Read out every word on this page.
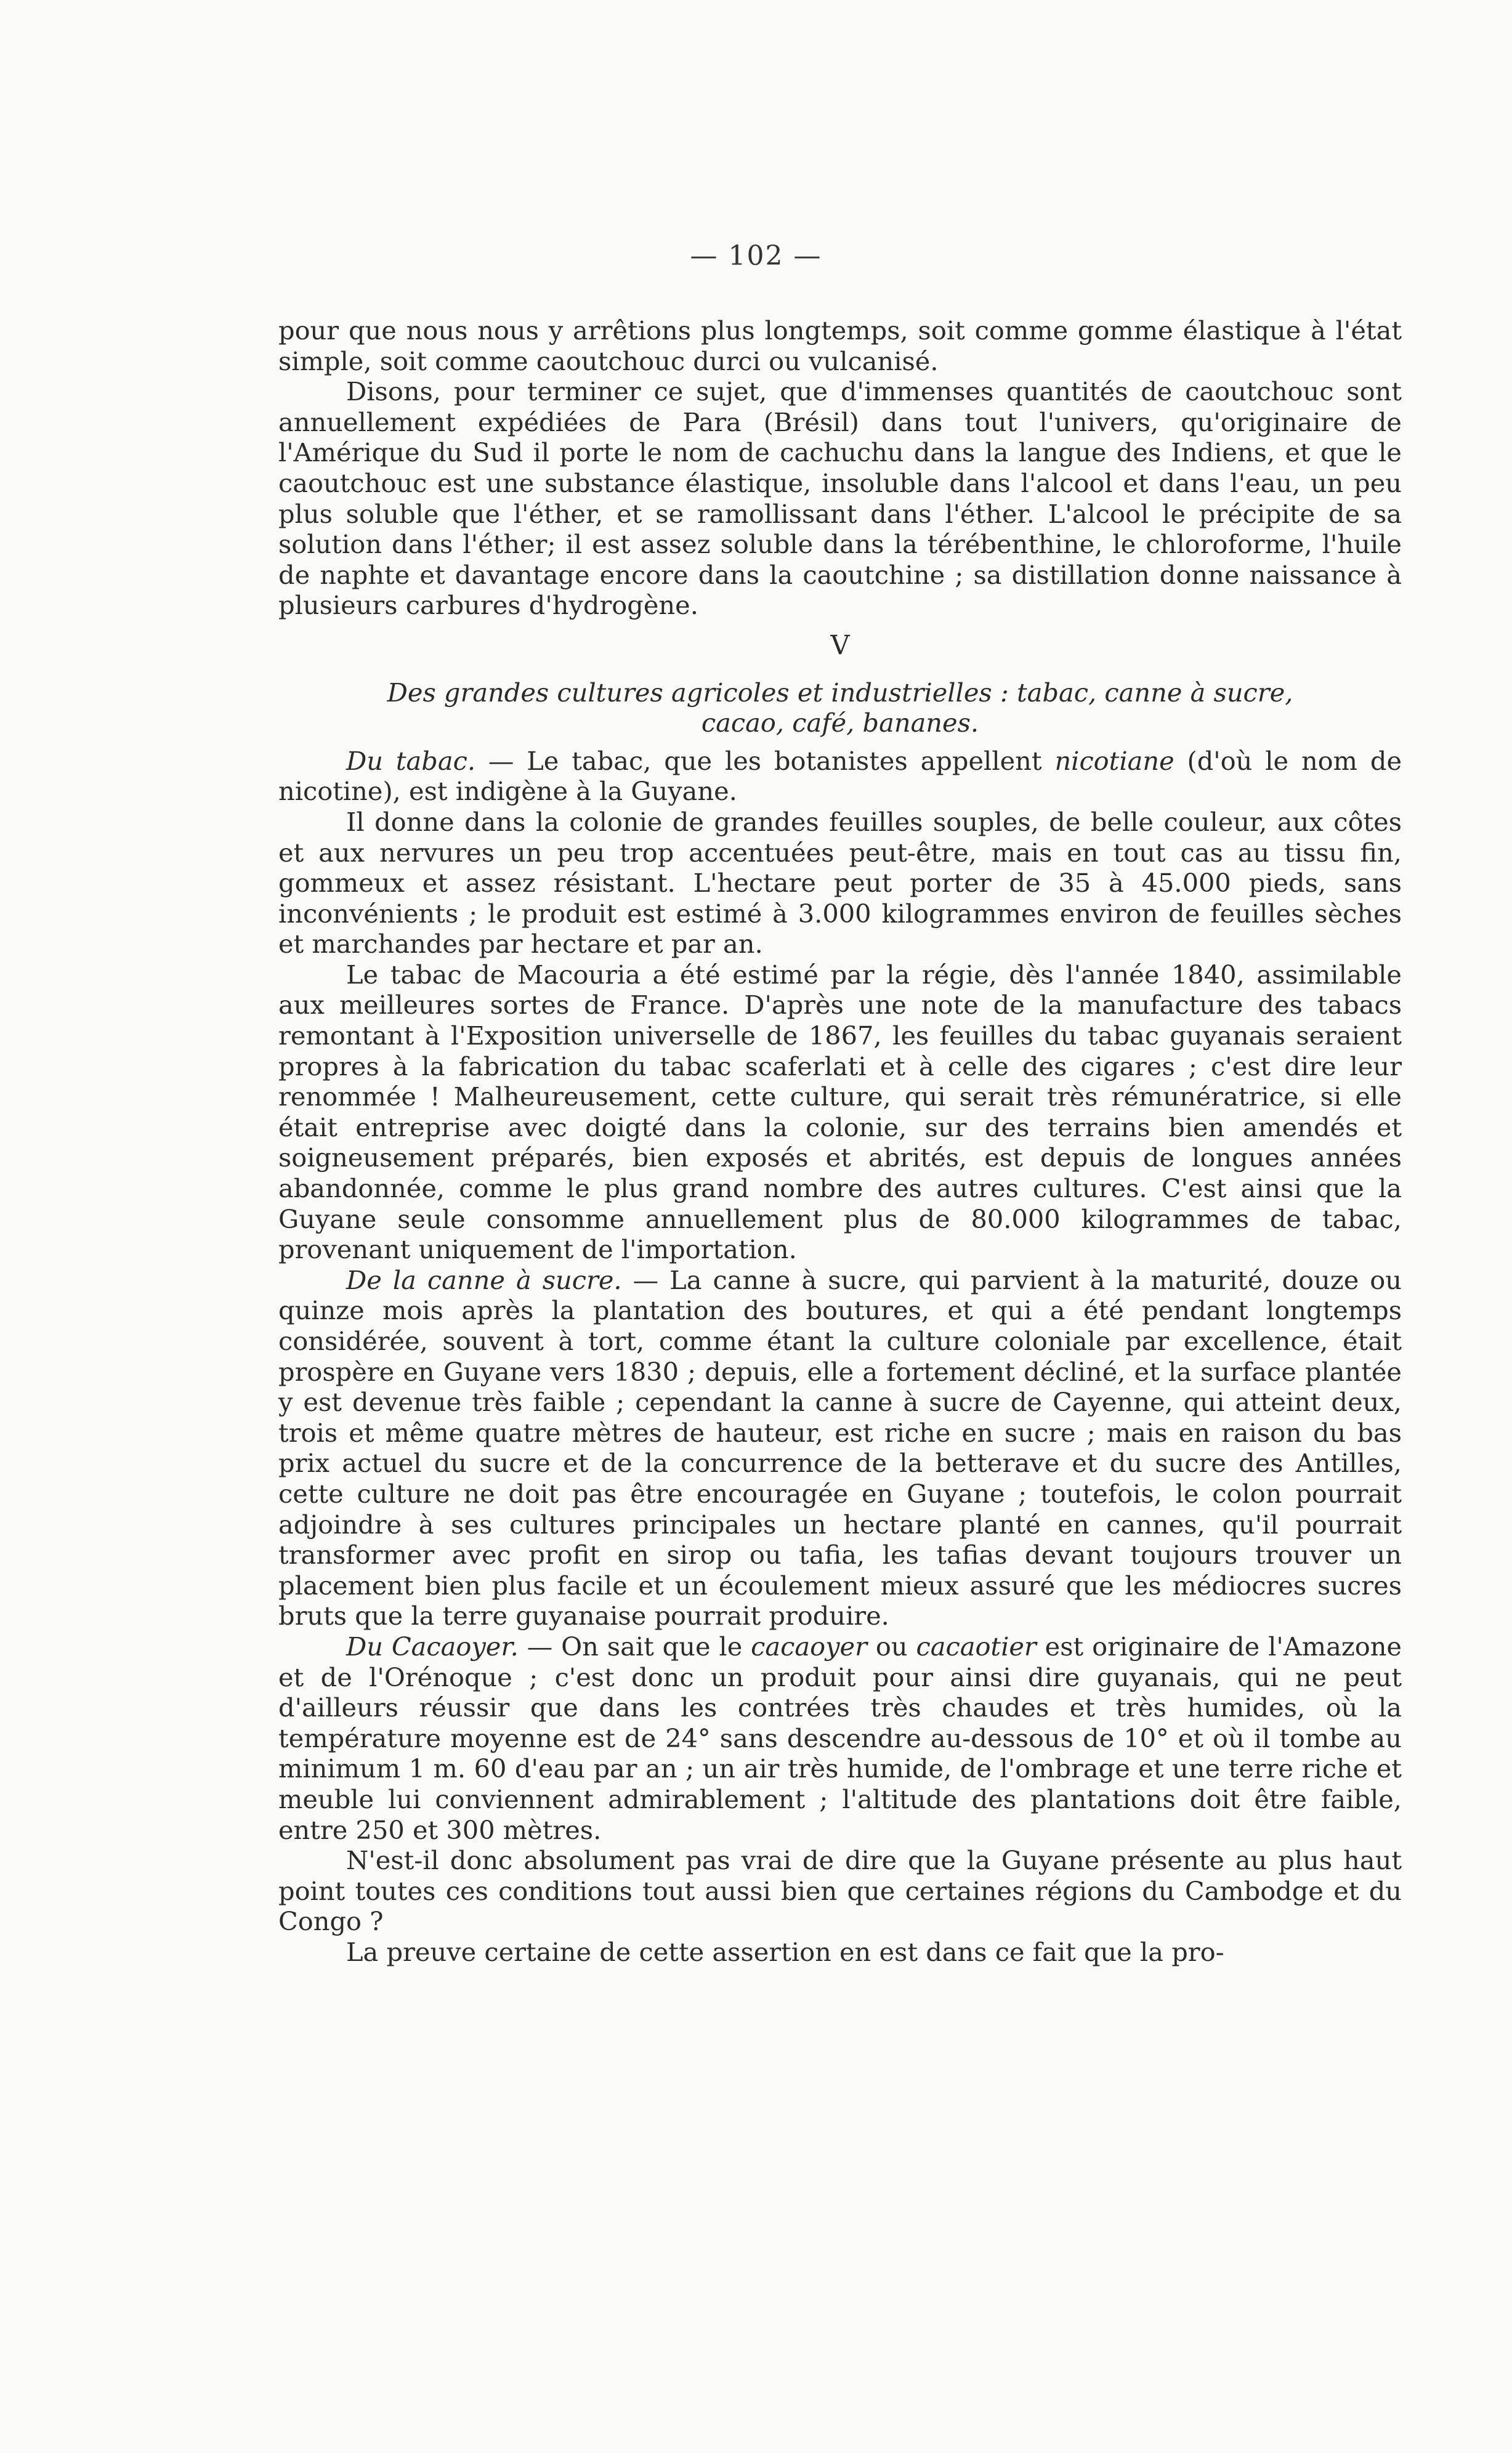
— 102 —

pour que nous nous y arrêtions plus longtemps, soit comme gomme élastique à l'état simple, soit comme caoutchouc durci ou vulcanisé.

Disons, pour terminer ce sujet, que d'immenses quantités de caoutchouc sont annuellement expédiées de Para (Brésil) dans tout l'univers, qu'originaire de l'Amérique du Sud il porte le nom de cachuchu dans la langue des Indiens, et que le caoutchouc est une substance élastique, insoluble dans l'alcool et dans l'eau, un peu plus soluble que l'éther, et se ramollissant dans l'éther. L'alcool le précipite de sa solution dans l'éther; il est assez soluble dans la térébenthine, le chloroforme, l'huile de naphte et davantage encore dans la caoutchine ; sa distillation donne naissance à plusieurs carbures d'hydrogène.

V
Des grandes cultures agricoles et industrielles : tabac, canne à sucre,
cacao, café, bananes.

Du tabac. — Le tabac, que les botanistes appellent nicotiane (d'où le nom de nicotine), est indigène à la Guyane.

Il donne dans la colonie de grandes feuilles souples, de belle couleur, aux côtes et aux nervures un peu trop accentuées peut-être, mais en tout cas au tissu fin, gommeux et assez résistant. L'hectare peut porter de 35 à 45.000 pieds, sans inconvénients ; le produit est estimé à 3.000 kilogrammes environ de feuilles sèches et marchandes par hectare et par an.

Le tabac de Macouria a été estimé par la régie, dès l'année 1840, assimilable aux meilleures sortes de France. D'après une note de la manufacture des tabacs remontant à l'Exposition universelle de 1867, les feuilles du tabac guyanais seraient propres à la fabrication du tabac scaferlati et à celle des cigares ; c'est dire leur renommée ! Malheureusement, cette culture, qui serait très rémunératrice, si elle était entreprise avec doigté dans la colonie, sur des terrains bien amendés et soigneusement préparés, bien exposés et abrités, est depuis de longues années abandonnée, comme le plus grand nombre des autres cultures. C'est ainsi que la Guyane seule consomme annuellement plus de 80.000 kilogrammes de tabac, provenant uniquement de l'importation.

De la canne à sucre. — La canne à sucre, qui parvient à la maturité, douze ou quinze mois après la plantation des boutures, et qui a été pendant longtemps considérée, souvent à tort, comme étant la culture coloniale par excellence, était prospère en Guyane vers 1830 ; depuis, elle a fortement décliné, et la surface plantée y est devenue très faible ; cependant la canne à sucre de Cayenne, qui atteint deux, trois et même quatre mètres de hauteur, est riche en sucre ; mais en raison du bas prix actuel du sucre et de la concurrence de la betterave et du sucre des Antilles, cette culture ne doit pas être encouragée en Guyane ; toutefois, le colon pourrait adjoindre à ses cultures principales un hectare planté en cannes, qu'il pourrait transformer avec profit en sirop ou tafia, les tafias devant toujours trouver un placement bien plus facile et un écoulement mieux assuré que les médiocres sucres bruts que la terre guyanaise pourrait produire.

Du Cacaoyer. — On sait que le cacaoyer ou cacaotier est originaire de l'Amazone et de l'Orénoque ; c'est donc un produit pour ainsi dire guyanais, qui ne peut d'ailleurs réussir que dans les contrées très chaudes et très humides, où la température moyenne est de 24° sans descendre au-dessous de 10° et où il tombe au minimum 1 m. 60 d'eau par an ; un air très humide, de l'ombrage et une terre riche et meuble lui conviennent admirablement ; l'altitude des plantations doit être faible, entre 250 et 300 mètres.

N'est-il donc absolument pas vrai de dire que la Guyane présente au plus haut point toutes ces conditions tout aussi bien que certaines régions du Cambodge et du Congo ?

La preuve certaine de cette assertion en est dans ce fait que la pro-
